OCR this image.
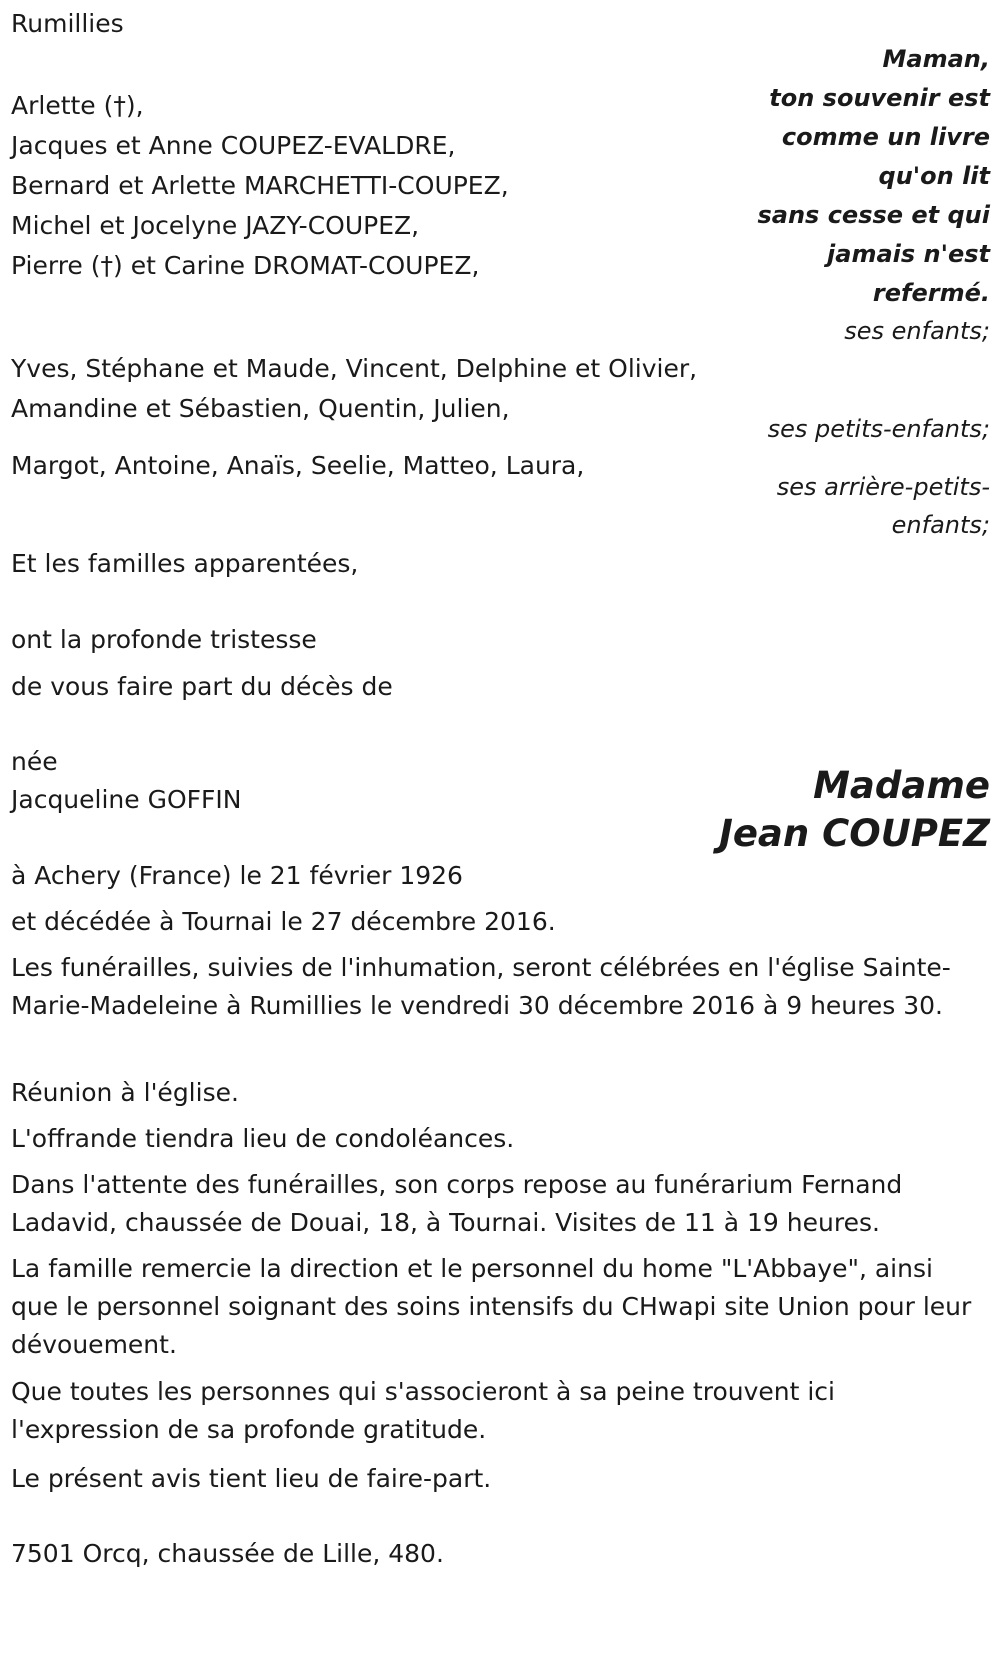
Rumillies
Maman,
ton souvenir est
comme un livre
qu'on lit
sans cesse et qui
jamais n'est
refermé.
Arlette (†),
Jacques et Anne COUPEZ-EVALDRE,
Bernard et Arlette MARCHETTI-COUPEZ,
Michel et Jocelyne JAZY-COUPEZ,
Pierre (†) et Carine DROMAT-COUPEZ,
ses enfants;
Yves, Stéphane et Maude, Vincent, Delphine et Olivier,
Amandine et Sébastien, Quentin, Julien,
ses petits-enfants;
Margot, Antoine, Anaïs, Seelie, Matteo, Laura,
ses arrière-petits-
enfants;
Et les familles apparentées,
ont la profonde tristesse
de vous faire part du décès de
née
Jacqueline GOFFIN	Madame
Jean COUPEZ
à Achery (France) le 21 février 1926
et décédée à Tournai le 27 décembre 2016.
Les funérailles, suivies de l'inhumation, seront célébrées en l'église Sainte-Marie-Madeleine à Rumillies le vendredi 30 décembre 2016 à 9 heures 30.
Réunion à l'église.
L'offrande tiendra lieu de condoléances.
Dans l'attente des funérailles, son corps repose au funérarium Fernand Ladavid, chaussée de Douai, 18, à Tournai. Visites de 11 à 19 heures.
La famille remercie la direction et le personnel du home "L'Abbaye", ainsi que le personnel soignant des soins intensifs du CHwapi site Union pour leur dévouement.
Que toutes les personnes qui s'associeront à sa peine trouvent ici l'expression de sa profonde gratitude.
Le présent avis tient lieu de faire-part.
7501 Orcq, chaussée de Lille, 480.
